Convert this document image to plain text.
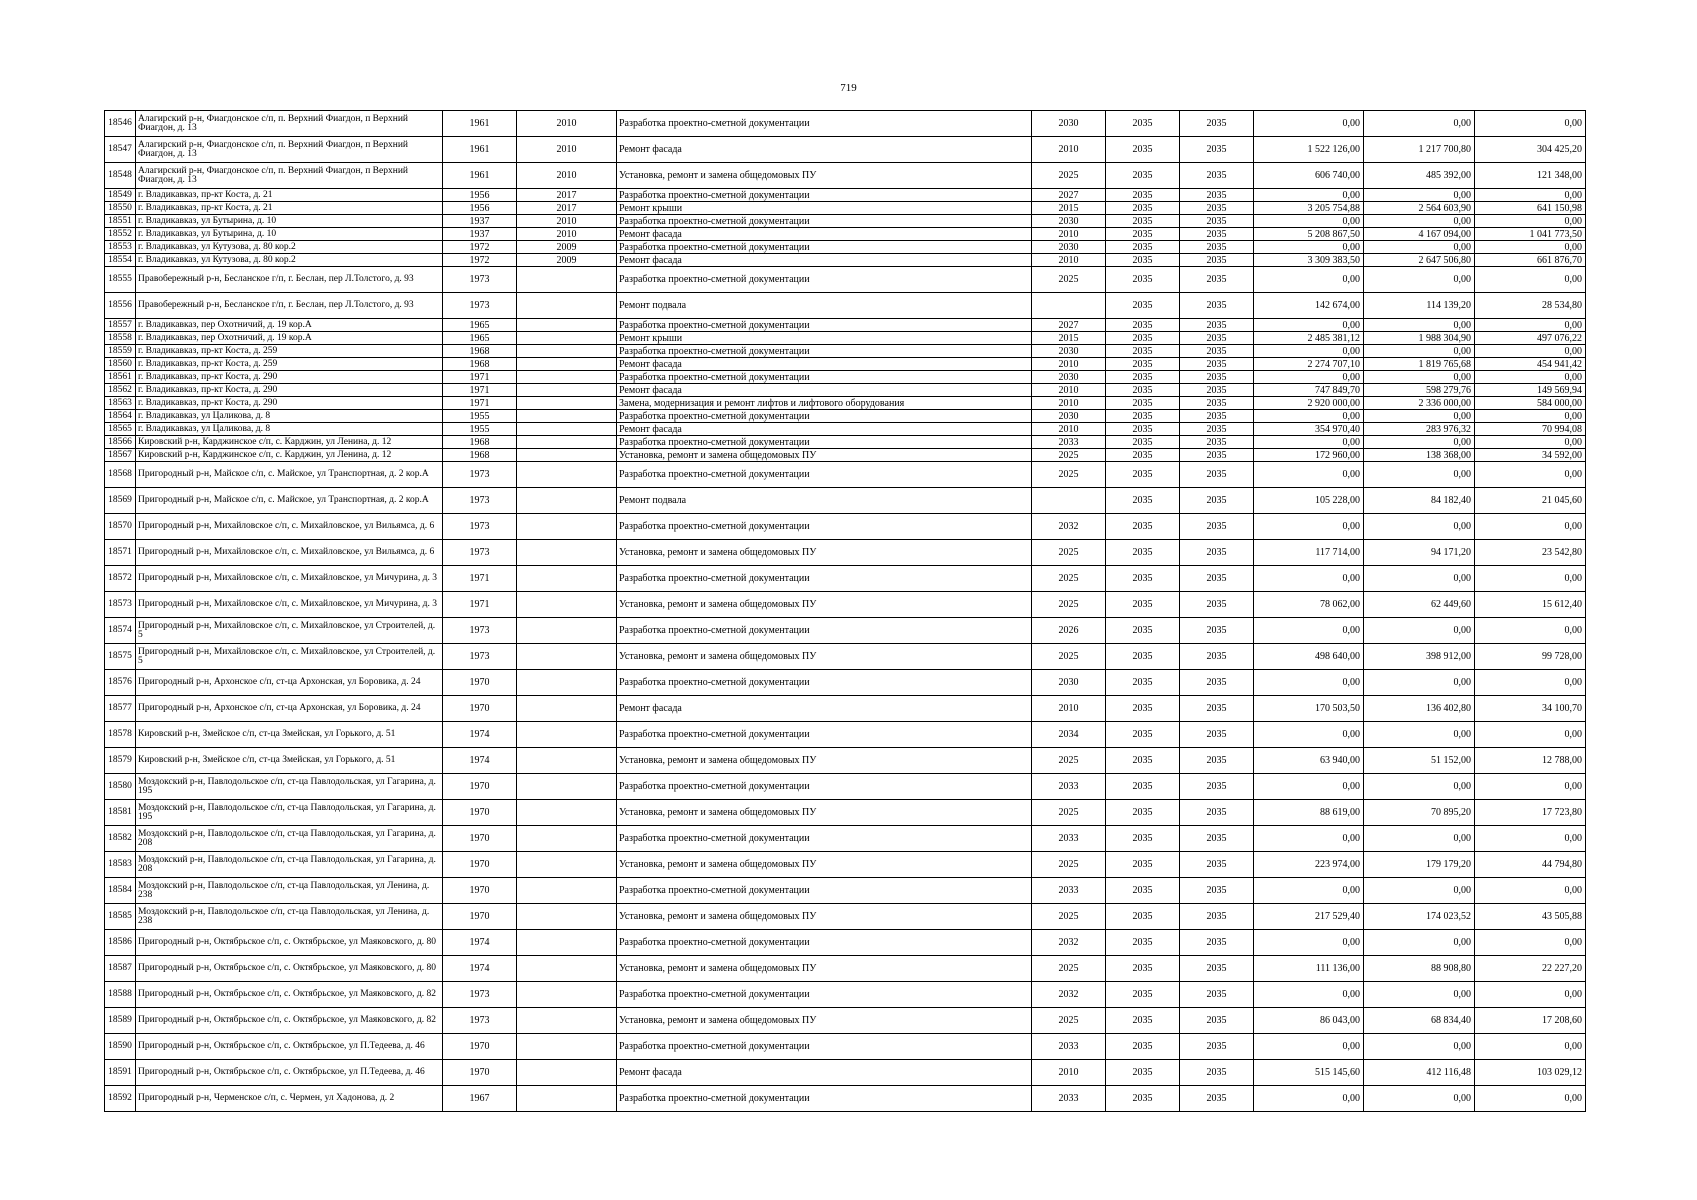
719
18546	Алагирский р-н, Фиагдонское с/п, п. Верхний Фиагдон, п Верхний Фиагдон, д. 13	1961	2010	Разработка проектно-сметной документации	2030	2035	2035	0,00	0,00	0,00
18547	Алагирский р-н, Фиагдонское с/п, п. Верхний Фиагдон, п Верхний Фиагдон, д. 13	1961	2010	Ремонт фасада	2010	2035	2035	1 522 126,00	1 217 700,80	304 425,20
18548	Алагирский р-н, Фиагдонское с/п, п. Верхний Фиагдон, п Верхний Фиагдон, д. 13	1961	2010	Установка, ремонт и замена общедомовых ПУ	2025	2035	2035	606 740,00	485 392,00	121 348,00
18549	г. Владикавказ, пр-кт Коста, д. 21	1956	2017	Разработка проектно-сметной документации	2027	2035	2035	0,00	0,00	0,00
18550	г. Владикавказ, пр-кт Коста, д. 21	1956	2017	Ремонт крыши	2015	2035	2035	3 205 754,88	2 564 603,90	641 150,98
18551	г. Владикавказ, ул Бутырина, д. 10	1937	2010	Разработка проектно-сметной документации	2030	2035	2035	0,00	0,00	0,00
18552	г. Владикавказ, ул Бутырина, д. 10	1937	2010	Ремонт фасада	2010	2035	2035	5 208 867,50	4 167 094,00	1 041 773,50
18553	г. Владикавказ, ул Кутузова, д. 80 кор.2	1972	2009	Разработка проектно-сметной документации	2030	2035	2035	0,00	0,00	0,00
18554	г. Владикавказ, ул Кутузова, д. 80 кор.2	1972	2009	Ремонт фасада	2010	2035	2035	3 309 383,50	2 647 506,80	661 876,70
18555	Правобережный р-н, Беcланское г/п, г. Беслан, пер Л.Толстого, д. 93	1973		Разработка проектно-сметной документации	2025	2035	2035	0,00	0,00	0,00
18556	Правобережный р-н, Беcланское г/п, г. Беслан, пер Л.Толстого, д. 93	1973		Ремонт подвала		2035	2035	142 674,00	114 139,20	28 534,80
18557	г. Владикавказ, пер Охотничий, д. 19 кор.А	1965		Разработка проектно-сметной документации	2027	2035	2035	0,00	0,00	0,00
18558	г. Владикавказ, пер Охотничий, д. 19 кор.А	1965		Ремонт крыши	2015	2035	2035	2 485 381,12	1 988 304,90	497 076,22
18559	г. Владикавказ, пр-кт Коста, д. 259	1968		Разработка проектно-сметной документации	2030	2035	2035	0,00	0,00	0,00
18560	г. Владикавказ, пр-кт Коста, д. 259	1968		Ремонт фасада	2010	2035	2035	2 274 707,10	1 819 765,68	454 941,42
18561	г. Владикавказ, пр-кт Коста, д. 290	1971		Разработка проектно-сметной документации	2030	2035	2035	0,00	0,00	0,00
18562	г. Владикавказ, пр-кт Коста, д. 290	1971		Ремонт фасада	2010	2035	2035	747 849,70	598 279,76	149 569,94
18563	г. Владикавказ, пр-кт Коста, д. 290	1971		Замена, модернизация и ремонт лифтов и лифтового оборудования	2010	2035	2035	2 920 000,00	2 336 000,00	584 000,00
18564	г. Владикавказ, ул Цаликова, д. 8	1955		Разработка проектно-сметной документации	2030	2035	2035	0,00	0,00	0,00
18565	г. Владикавказ, ул Цаликова, д. 8	1955		Ремонт фасада	2010	2035	2035	354 970,40	283 976,32	70 994,08
18566	Кировский р-н, Карджинское с/п, с. Карджин, ул Ленина, д. 12	1968		Разработка проектно-сметной документации	2033	2035	2035	0,00	0,00	0,00
18567	Кировский р-н, Карджинское с/п, с. Карджин, ул Ленина, д. 12	1968		Установка, ремонт и замена общедомовых ПУ	2025	2035	2035	172 960,00	138 368,00	34 592,00
18568	Пригородный р-н, Майское с/п, с. Майское, ул Транспортная, д. 2 кор.А	1973		Разработка проектно-сметной документации	2025	2035	2035	0,00	0,00	0,00
18569	Пригородный р-н, Майское с/п, с. Майское, ул Транспортная, д. 2 кор.А	1973		Ремонт подвала		2035	2035	105 228,00	84 182,40	21 045,60
18570	Пригородный р-н, Михайловское с/п, с. Михайловское, ул Вильямса, д. 6	1973		Разработка проектно-сметной документации	2032	2035	2035	0,00	0,00	0,00
18571	Пригородный р-н, Михайловское с/п, с. Михайловское, ул Вильямса, д. 6	1973		Установка, ремонт и замена общедомовых ПУ	2025	2035	2035	117 714,00	94 171,20	23 542,80
18572	Пригородный р-н, Михайловское с/п, с. Михайловское, ул Мичурина, д. 3	1971		Разработка проектно-сметной документации	2025	2035	2035	0,00	0,00	0,00
18573	Пригородный р-н, Михайловское с/п, с. Михайловское, ул Мичурина, д. 3	1971		Установка, ремонт и замена общедомовых ПУ	2025	2035	2035	78 062,00	62 449,60	15 612,40
18574	Пригородный р-н, Михайловское с/п, с. Михайловское, ул Строителей, д. 5	1973		Разработка проектно-сметной документации	2026	2035	2035	0,00	0,00	0,00
18575	Пригородный р-н, Михайловское с/п, с. Михайловское, ул Строителей, д. 5	1973		Установка, ремонт и замена общедомовых ПУ	2025	2035	2035	498 640,00	398 912,00	99 728,00
18576	Пригородный р-н, Архонское с/п, ст-ца Архонская, ул Боровика, д. 24	1970		Разработка проектно-сметной документации	2030	2035	2035	0,00	0,00	0,00
18577	Пригородный р-н, Архонское с/п, ст-ца Архонская, ул Боровика, д. 24	1970		Ремонт фасада	2010	2035	2035	170 503,50	136 402,80	34 100,70
18578	Кировский р-н, Змейское с/п, ст-ца Змейская, ул Горького, д. 51	1974		Разработка проектно-сметной документации	2034	2035	2035	0,00	0,00	0,00
18579	Кировский р-н, Змейское с/п, ст-ца Змейская, ул Горького, д. 51	1974		Установка, ремонт и замена общедомовых ПУ	2025	2035	2035	63 940,00	51 152,00	12 788,00
18580	Моздокский р-н, Павлодольское с/п, ст-ца Павлодольская, ул Гагарина, д. 195	1970		Разработка проектно-сметной документации	2033	2035	2035	0,00	0,00	0,00
18581	Моздокский р-н, Павлодольское с/п, ст-ца Павлодольская, ул Гагарина, д. 195	1970		Установка, ремонт и замена общедомовых ПУ	2025	2035	2035	88 619,00	70 895,20	17 723,80
18582	Моздокский р-н, Павлодольское с/п, ст-ца Павлодольская, ул Гагарина, д. 208	1970		Разработка проектно-сметной документации	2033	2035	2035	0,00	0,00	0,00
18583	Моздокский р-н, Павлодольское с/п, ст-ца Павлодольская, ул Гагарина, д. 208	1970		Установка, ремонт и замена общедомовых ПУ	2025	2035	2035	223 974,00	179 179,20	44 794,80
18584	Моздокский р-н, Павлодольское с/п, ст-ца Павлодольская, ул Ленина, д. 238	1970		Разработка проектно-сметной документации	2033	2035	2035	0,00	0,00	0,00
18585	Моздокский р-н, Павлодольское с/п, ст-ца Павлодольская, ул Ленина, д. 238	1970		Установка, ремонт и замена общедомовых ПУ	2025	2035	2035	217 529,40	174 023,52	43 505,88
18586	Пригородный р-н, Октябрьское с/п, с. Октябрьское, ул Маяковского, д. 80	1974		Разработка проектно-сметной документации	2032	2035	2035	0,00	0,00	0,00
18587	Пригородный р-н, Октябрьское с/п, с. Октябрьское, ул Маяковского, д. 80	1974		Установка, ремонт и замена общедомовых ПУ	2025	2035	2035	111 136,00	88 908,80	22 227,20
18588	Пригородный р-н, Октябрьское с/п, с. Октябрьское, ул Маяковского, д. 82	1973		Разработка проектно-сметной документации	2032	2035	2035	0,00	0,00	0,00
18589	Пригородный р-н, Октябрьское с/п, с. Октябрьское, ул Маяковского, д. 82	1973		Установка, ремонт и замена общедомовых ПУ	2025	2035	2035	86 043,00	68 834,40	17 208,60
18590	Пригородный р-н, Октябрьское с/п, с. Октябрьское, ул П.Тедеева, д. 46	1970		Разработка проектно-сметной документации	2033	2035	2035	0,00	0,00	0,00
18591	Пригородный р-н, Октябрьское с/п, с. Октябрьское, ул П.Тедеева, д. 46	1970		Ремонт фасада	2010	2035	2035	515 145,60	412 116,48	103 029,12
18592	Пригородный р-н, Черменское с/п, с. Чермен, ул Хадонова, д. 2	1967		Разработка проектно-сметной документации	2033	2035	2035	0,00	0,00	0,00
